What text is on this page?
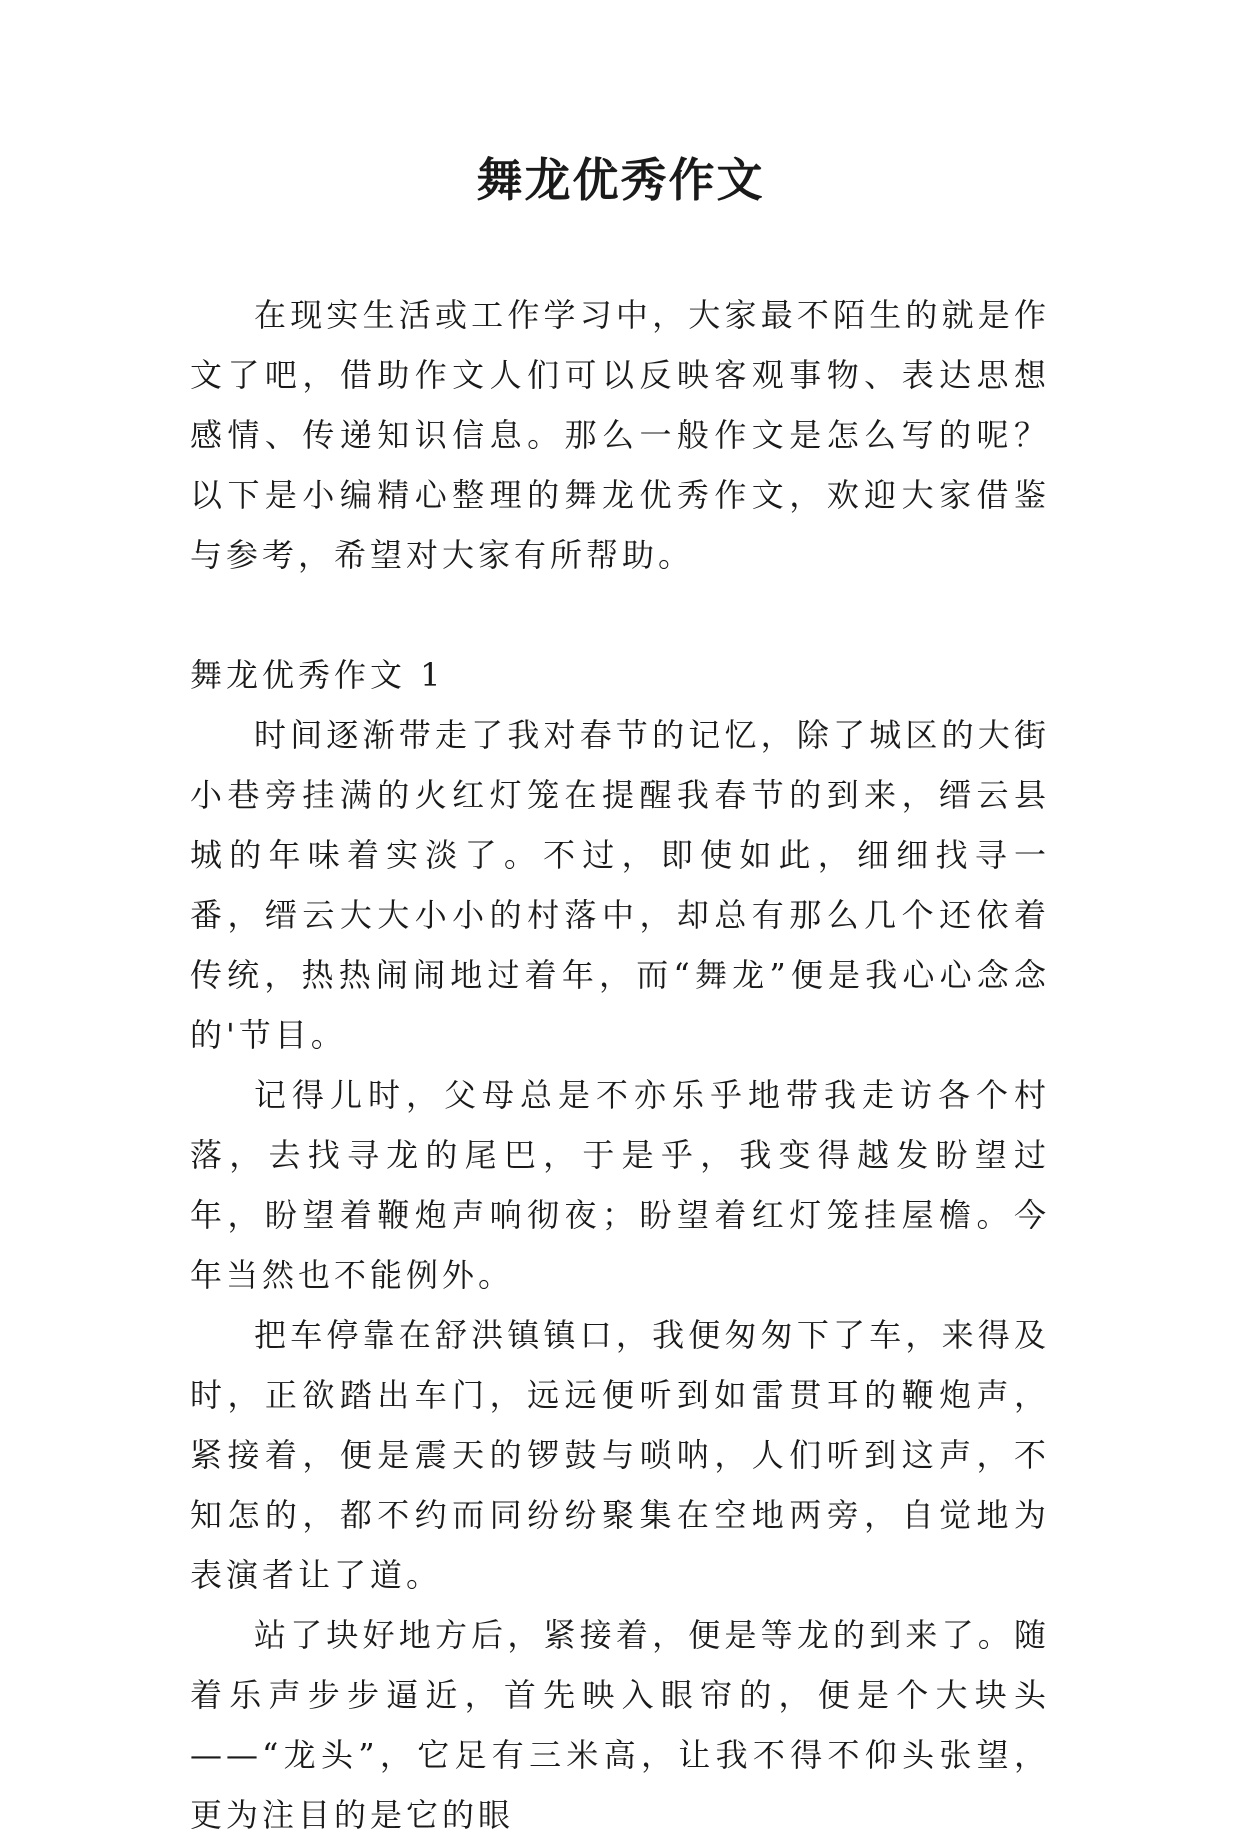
舞龙优秀作文

在现实生活或工作学习中，大家最不陌生的就是作文了吧，借助作文人们可以反映客观事物、表达思想感情、传递知识信息。那么一般作文是怎么写的呢？以下是小编精心整理的舞龙优秀作文，欢迎大家借鉴与参考，希望对大家有所帮助。

舞龙优秀作文 1

时间逐渐带走了我对春节的记忆，除了城区的大街小巷旁挂满的火红灯笼在提醒我春节的到来，缙云县城的年味着实淡了。不过，即使如此，细细找寻一番，缙云大大小小的村落中，却总有那么几个还依着传统，热热闹闹地过着年，而“舞龙”便是我心心念念的'节目。

记得儿时，父母总是不亦乐乎地带我走访各个村落，去找寻龙的尾巴，于是乎，我变得越发盼望过年，盼望着鞭炮声响彻夜；盼望着红灯笼挂屋檐。今年当然也不能例外。

把车停靠在舒洪镇镇口，我便匆匆下了车，来得及时，正欲踏出车门，远远便听到如雷贯耳的鞭炮声，紧接着，便是震天的锣鼓与唢呐，人们听到这声，不知怎的，都不约而同纷纷聚集在空地两旁，自觉地为表演者让了道。

站了块好地方后，紧接着，便是等龙的到来了。随着乐声步步逼近，首先映入眼帘的，便是个大块头——“龙头”，它足有三米高，让我不得不仰头张望，更为注目的是它的眼
